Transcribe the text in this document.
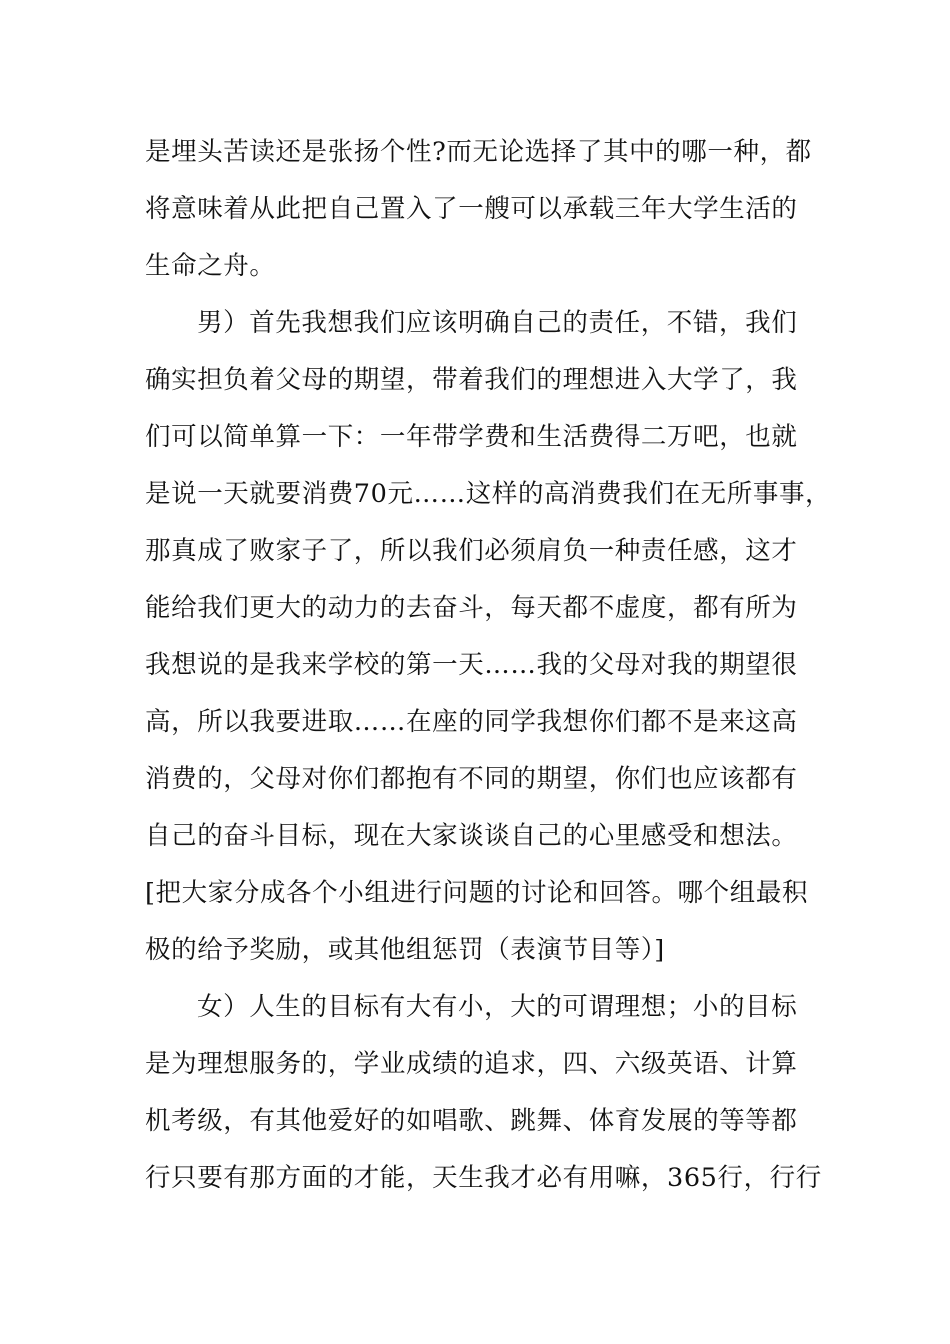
是埋头苦读还是张扬个性?而无论选择了其中的哪一种，都
将意味着从此把自己置入了一艘可以承载三年大学生活的
生命之舟。
男）首先我想我们应该明确自己的责任，不错，我们
确实担负着父母的期望，带着我们的理想进入大学了，我
们可以简单算一下：一年带学费和生活费得二万吧，也就
是说一天就要消费70元……这样的高消费我们在无所事事，
那真成了败家子了，所以我们必须肩负一种责任感，这才
能给我们更大的动力的去奋斗，每天都不虚度，都有所为
我想说的是我来学校的第一天……我的父母对我的期望很
高，所以我要进取……在座的同学我想你们都不是来这高
消费的，父母对你们都抱有不同的期望，你们也应该都有
自己的奋斗目标，现在大家谈谈自己的心里感受和想法。
[把大家分成各个小组进行问题的讨论和回答。哪个组最积
极的给予奖励，或其他组惩罚（表演节目等）]
女）人生的目标有大有小，大的可谓理想；小的目标
是为理想服务的，学业成绩的追求，四、六级英语、计算
机考级，有其他爱好的如唱歌、跳舞、体育发展的等等都
行只要有那方面的才能，天生我才必有用嘛，365行，行行
